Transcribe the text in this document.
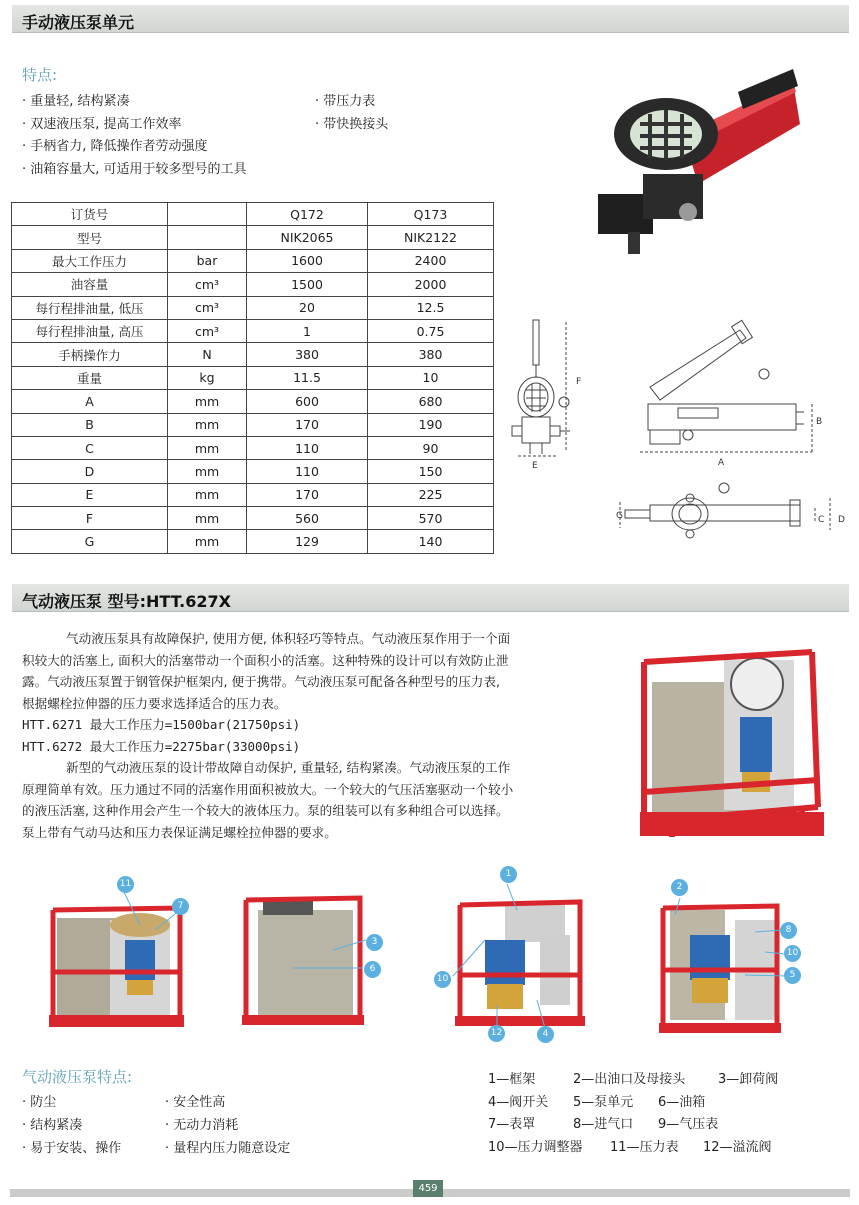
手动液压泵单元
特点:
· 重量轻, 结构紧凑
· 双速液压泵, 提高工作效率
· 手柄省力, 降低操作者劳动强度
· 油箱容量大, 可适用于较多型号的工具
· 带压力表
· 带快换接头
订货号		Q172	Q173
型号		NIK2065	NIK2122
最大工作压力	bar	1600	2400
油容量	cm³	1500	2000
每行程排油量, 低压	cm³	20	12.5
每行程排油量, 高压	cm³	1	0.75
手柄操作力	N	380	380
重量	kg	11.5	10
A	mm	600	680
B	mm	170	190
C	mm	110	90
D	mm	110	150
E	mm	170	225
F	mm	560	570
G	mm	129	140
F
E	A
B
C D
G
气动液压泵 型号:HTT.627X
气动液压泵具有故障保护, 使用方便, 体积轻巧等特点。气动液压泵作用于一个面
积较大的活塞上, 面积大的活塞带动一个面积小的活塞。这种特殊的设计可以有效防止泄
露。气动液压泵置于钢管保护框架内, 便于携带。气动液压泵可配备各种型号的压力表,
根据螺栓拉伸器的压力要求选择适合的压力表。
HTT.6271 最大工作压力=1500bar(21750psi)
HTT.6272 最大工作压力=2275bar(33000psi)
新型的气动液压泵的设计带故障自动保护, 重量轻, 结构紧凑。气动液压泵的工作
原理简单有效。压力通过不同的活塞作用面积被放大。一个较大的气压活塞驱动一个较小
的液压活塞, 这种作用会产生一个较大的液体压力。泵的组装可以有多种组合可以选择。
泵上带有气动马达和压力表保证满足螺栓拉伸器的要求。
11
7
3
6
1
10
12	4
2
8
10
5
气动液压泵特点:
· 防尘
· 结构紧凑
· 易于安装、操作
· 安全性高
· 无动力消耗
· 量程内压力随意设定
1—框架	2—出油口及母接头	3—卸荷阀
4—阀开关 5—泵单元 6—油箱
7—表罩	8—进气口 9—气压表
10—压力调整器 11—压力表 12—溢流阀
459
